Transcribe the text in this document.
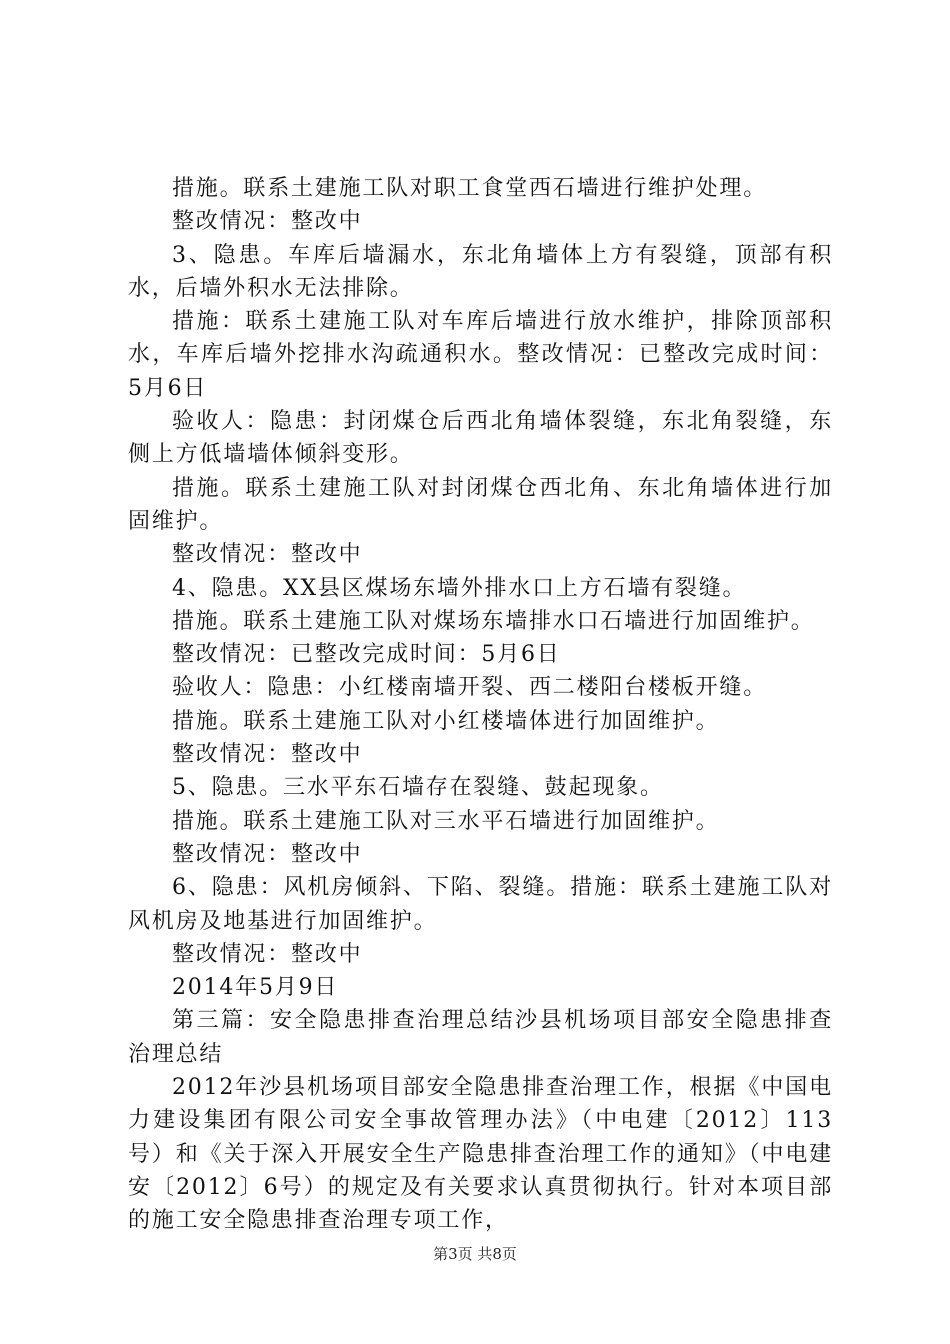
措施。联系土建施工队对职工食堂西石墙进行维护处理。

整改情况：整改中

3、隐患。车库后墙漏水，东北角墙体上方有裂缝，顶部有积水，后墙外积水无法排除。

措施：联系土建施工队对车库后墙进行放水维护，排除顶部积水，车库后墙外挖排水沟疏通积水。整改情况：已整改完成时间：5月6日

验收人：隐患：封闭煤仓后西北角墙体裂缝，东北角裂缝，东侧上方低墙墙体倾斜变形。

措施。联系土建施工队对封闭煤仓西北角、东北角墙体进行加固维护。

整改情况：整改中

4、隐患。XX县区煤场东墙外排水口上方石墙有裂缝。

措施。联系土建施工队对煤场东墙排水口石墙进行加固维护。

整改情况：已整改完成时间：5月6日

验收人：隐患：小红楼南墙开裂、西二楼阳台楼板开缝。

措施。联系土建施工队对小红楼墙体进行加固维护。

整改情况：整改中

5、隐患。三水平东石墙存在裂缝、鼓起现象。

措施。联系土建施工队对三水平石墙进行加固维护。

整改情况：整改中

6、隐患：风机房倾斜、下陷、裂缝。措施：联系土建施工队对风机房及地基进行加固维护。

整改情况：整改中

2014年5月9日

第三篇：安全隐患排查治理总结沙县机场项目部安全隐患排查治理总结

2012年沙县机场项目部安全隐患排查治理工作，根据《中国电力建设集团有限公司安全事故管理办法》（中电建〔2012〕113号）和《关于深入开展安全生产隐患排查治理工作的通知》（中电建安〔2012〕6号）的规定及有关要求认真贯彻执行。针对本项目部的施工安全隐患排查治理专项工作，

第3页 共8页
